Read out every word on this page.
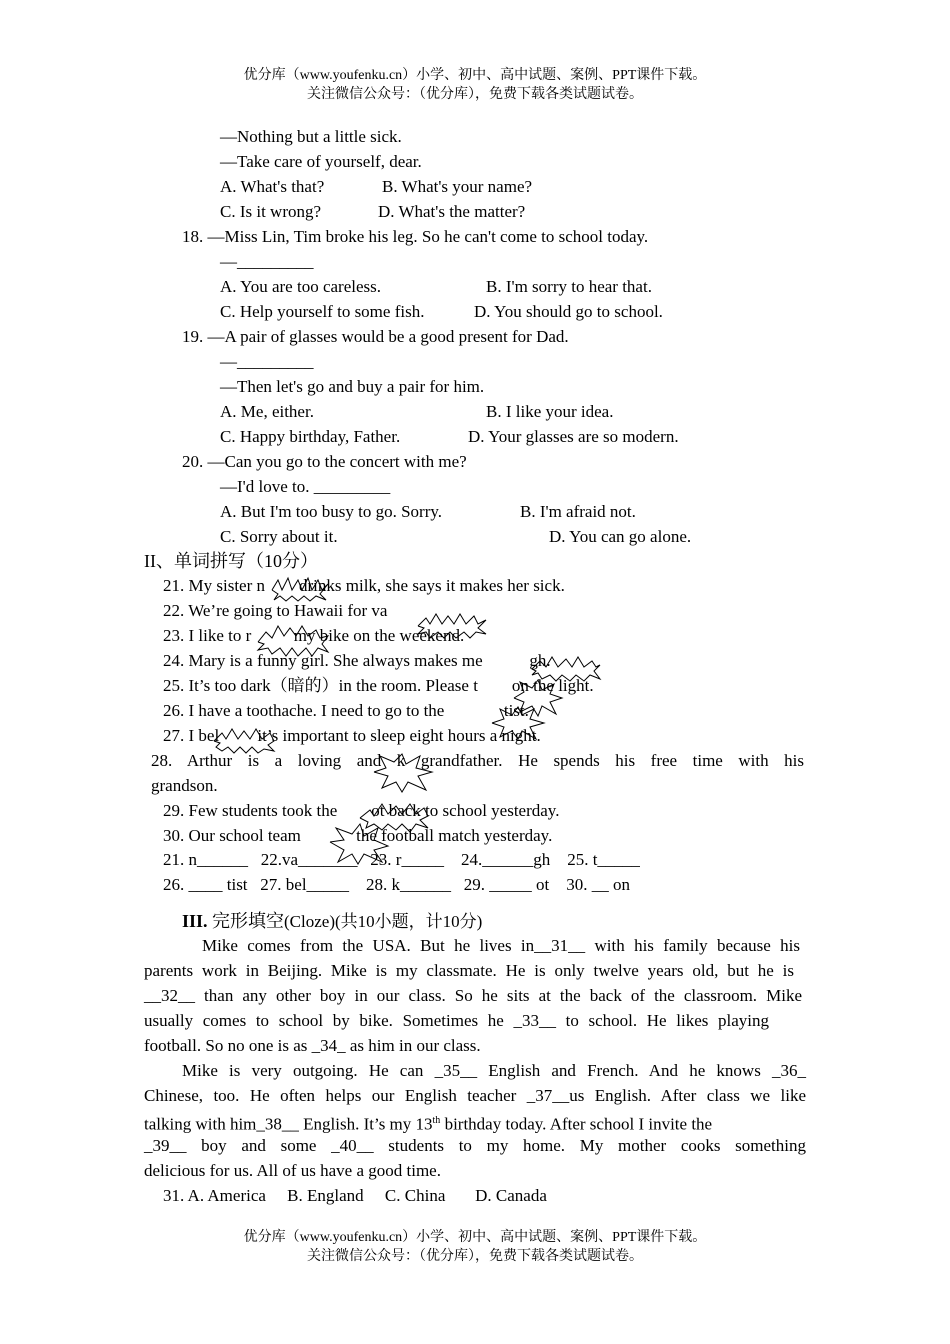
优分库（www.youfenku.cn）小学、初中、高中试题、案例、PPT课件下载。
关注微信公众号：（优分库），免费下载各类试题试卷。
—Nothing but a little sick.
—Take care of yourself, dear.
A. What's that?	B. What's your name?
C. Is it wrong?	D. What's the matter?
18. —Miss Lin, Tim broke his leg. So he can't come to school today.
—_________
A. You are too careless.	B. I'm sorry to hear that.
C. Help yourself to some fish.	D. You should go to school.
19. —A pair of glasses would be a good present for Dad.
—_________
—Then let's go and buy a pair for him.
A. Me, either.	B. I like your idea.
C. Happy birthday, Father.	D. Your glasses are so modern.
20. —Can you go to the concert with me?
—I'd love to. _________
A. But I'm too busy to go. Sorry.	B. I'm afraid not.
C. Sorry about it.	D. You can go alone.
II、单词拼写（10分）
21. My sister n        drinks milk, she says it makes her sick.
22. We’re going to Hawaii for va
23. I like to r          my bike on the weekend.
24. Mary is a funny girl. She always makes me           gh.
25. It’s too dark（暗的）in the room. Please t        on the light.
26. I have a toothache. I need to go to the              tist.
27. I bel         it’s important to sleep eight hours a night.
28. Arthur is a loving and k grandfather. He spends his free time with his
grandson.
29. Few students took the        ot back to school yesterday.
30. Our school team             the football match yesterday.
21. n______   22.va_______   23. r_____    24.______gh    25. t_____
26. ____ tist   27. bel_____    28. k______   29. _____ ot    30. __ on
III. 完形填空(Cloze)(共10小题，计10分)
Mike comes from the USA. But he lives in__31__ with his family because his
parents work in Beijing. Mike is my classmate. He is only twelve years old, but he is
__32__ than any other boy in our class. So he sits at the back of the classroom. Mike
usually comes to school by bike. Sometimes he _33__ to school. He likes playing
football. So no one is as _34_ as him in our class.
Mike is very outgoing. He can _35__ English and French. And he knows _36_
Chinese, too. He often helps our English teacher _37__us English. After class we like
talking with him_38__ English. It’s my 13th birthday today. After school I invite the
_39__ boy and some _40__ students to my home. My mother cooks something
delicious for us. All of us have a good time.
31. A. America     B. England     C. China       D. Canada
优分库（www.youfenku.cn）小学、初中、高中试题、案例、PPT课件下载。
关注微信公众号：（优分库），免费下载各类试题试卷。
